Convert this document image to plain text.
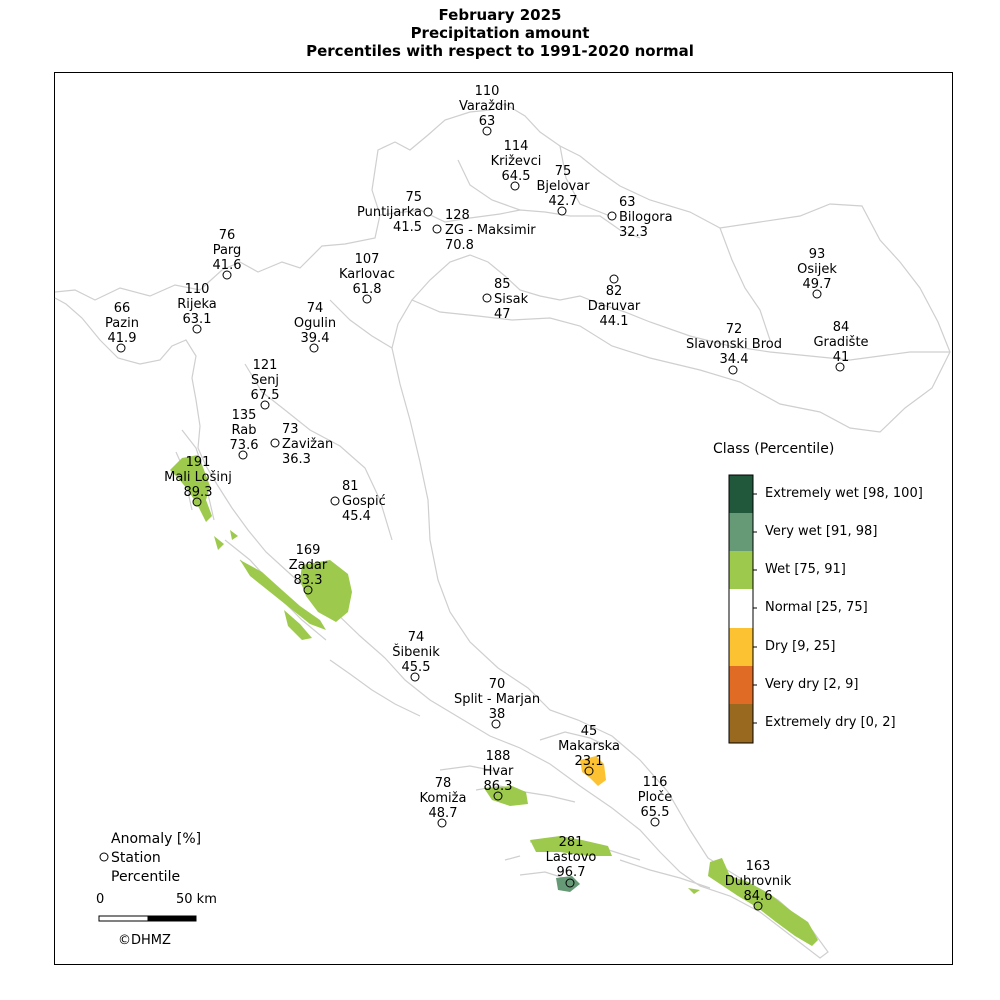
February 2025
Precipitation amount
Percentiles with respect to 1991-2020 normal
110
Varaždin
63
114
Križevci
64.5	75
Bjelovar
42.7
76
Parg
41.6	107
Karlovac
61.8
93
Osijek
49.7
110
Rijeka
63.1
66
Pazin
41.9
74
Ogulin
39.4
82
Daruvar
44.1
72
Slavonski Brod
34.4
84
Gradište
41
121
Senj
67.5
135
Rab
73.6
191
Mali Lošinj
89.3
169
Zadar
83.3
74
Šibenik
45.5
70
Split - Marjan
38
45
Makarska
23.1
188
Hvar
86.3
78
Komiža
48.7
116
Ploče
65.5
281
Lastovo
96.7	163
Dubrovnik
84.6
75
Puntijarka
41.5
128
ZG - Maksimir
70.8
63
Bilogora
32.3
85
Sisak
47
73
Zavižan
36.3
81
Gospić
45.4
Class (Percentile)
Extremely wet [98, 100]
Very wet [91, 98]
Wet [75, 91]
Normal [25, 75]
Dry [9, 25]
Very dry [2, 9]
Extremely dry [0, 2]
Anomaly [%]
Station
Percentile
0	50 km
©DHMZ
